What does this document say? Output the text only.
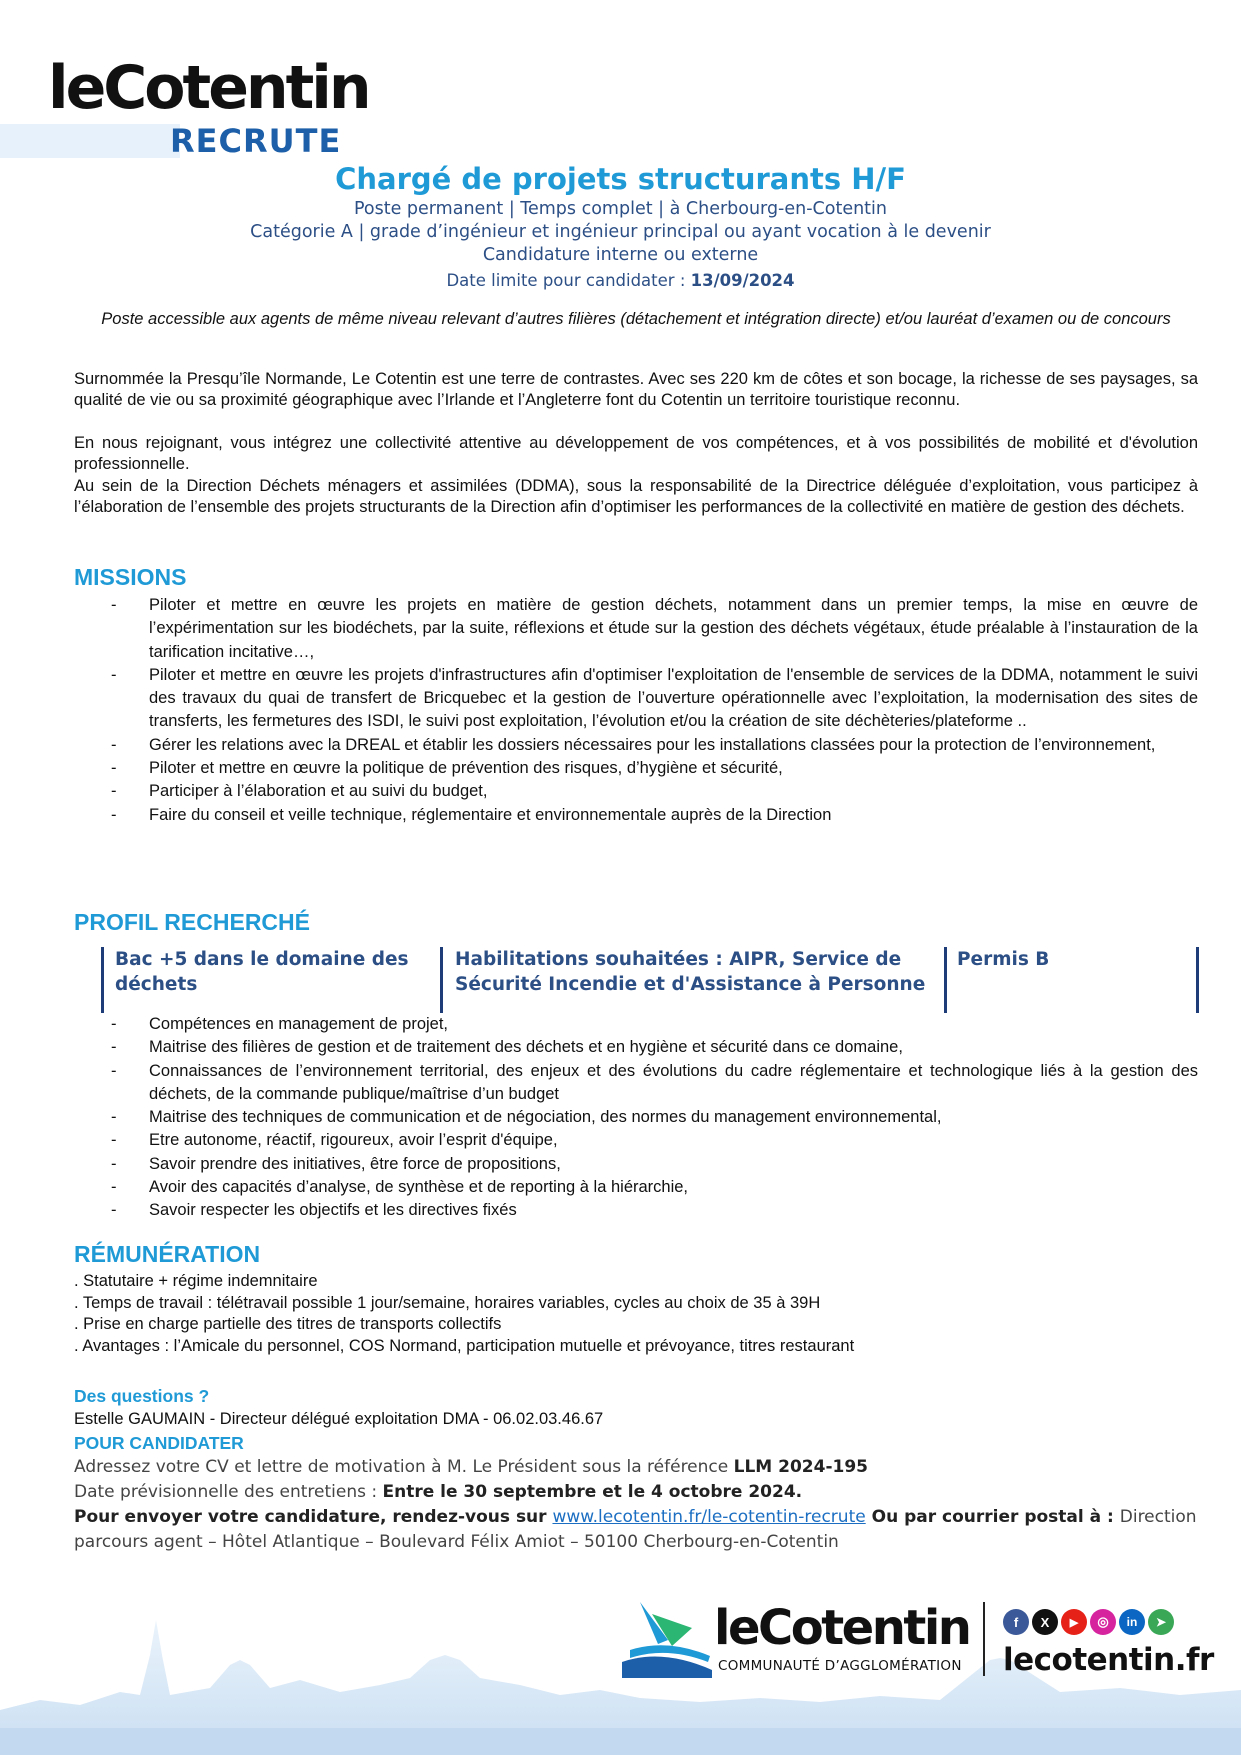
leCotentin
RECRUTE
Chargé de projets structurants H/F
Poste permanent | Temps complet | à Cherbourg-en-Cotentin
Catégorie A | grade d’ingénieur et ingénieur principal ou ayant vocation à le devenir
Candidature interne ou externe
Date limite pour candidater : 13/09/2024
Poste accessible aux agents de même niveau relevant d’autres filières (détachement et intégration directe) et/ou lauréat d’examen ou de concours
Surnommée la Presqu’île Normande, Le Cotentin est une terre de contrastes. Avec ses 220 km de côtes et son bocage, la richesse de ses paysages, sa qualité de vie ou sa proximité géographique avec l’Irlande et l’Angleterre font du Cotentin un territoire touristique reconnu.
En nous rejoignant, vous intégrez une collectivité attentive au développement de vos compétences, et à vos possibilités de mobilité et d'évolution professionnelle.
Au sein de la Direction Déchets ménagers et assimilées (DDMA), sous la responsabilité de la Directrice déléguée d’exploitation, vous participez à l’élaboration de l’ensemble des projets structurants de la Direction afin d’optimiser les performances de la collectivité en matière de gestion des déchets.
MISSIONS
- Piloter et mettre en œuvre les projets en matière de gestion déchets, notamment dans un premier temps, la mise en œuvre de l’expérimentation sur les biodéchets, par la suite, réflexions et étude sur la gestion des déchets végétaux, étude préalable à l’instauration de la tarification incitative…,
- Piloter et mettre en œuvre les projets d'infrastructures afin d'optimiser l'exploitation de l'ensemble de services de la DDMA, notamment le suivi des travaux du quai de transfert de Bricquebec et la gestion de l’ouverture opérationnelle avec l’exploitation, la modernisation des sites de transferts, les fermetures des ISDI, le suivi post exploitation, l’évolution et/ou la création de site déchèteries/plateforme ..
- Gérer les relations avec la DREAL et établir les dossiers nécessaires pour les installations classées pour la protection de l’environnement,
- Piloter et mettre en œuvre la politique de prévention des risques, d’hygiène et sécurité,
- Participer à l’élaboration et au suivi du budget,
- Faire du conseil et veille technique, réglementaire et environnementale auprès de la Direction
PROFIL RECHERCHÉ
Bac +5 dans le domaine des déchets
Habilitations souhaitées : AIPR, Service de Sécurité Incendie et d'Assistance à Personne
Permis B
- Compétences en management de projet,
- Maitrise des filières de gestion et de traitement des déchets et en hygiène et sécurité dans ce domaine,
- Connaissances de l’environnement territorial, des enjeux et des évolutions du cadre réglementaire et technologique liés à la gestion des déchets, de la commande publique/maîtrise d’un budget
- Maitrise des techniques de communication et de négociation, des normes du management environnemental,
- Etre autonome, réactif, rigoureux, avoir l’esprit d'équipe,
- Savoir prendre des initiatives, être force de propositions,
- Avoir des capacités d’analyse, de synthèse et de reporting à la hiérarchie,
- Savoir respecter les objectifs et les directives fixés
RÉMUNÉRATION
. Statutaire + régime indemnitaire
. Temps de travail : télétravail possible 1 jour/semaine, horaires variables, cycles au choix de 35 à 39H
. Prise en charge partielle des titres de transports collectifs
. Avantages : l’Amicale du personnel, COS Normand, participation mutuelle et prévoyance, titres restaurant
Des questions ?
Estelle GAUMAIN - Directeur délégué exploitation DMA - 06.02.03.46.67
POUR CANDIDATER
Adressez votre CV et lettre de motivation à M. Le Président sous la référence LLM 2024-195
Date prévisionnelle des entretiens : Entre le 30 septembre et le 4 octobre 2024.
Pour envoyer votre candidature, rendez-vous sur www.lecotentin.fr/le-cotentin-recrute Ou par courrier postal à : Direction parcours agent – Hôtel Atlantique – Boulevard Félix Amiot – 50100 Cherbourg-en-Cotentin
leCotentin
COMMUNAUTÉ D’AGGLOMÉRATION
f	X	▶	◎	in	➤
lecotentin.fr
